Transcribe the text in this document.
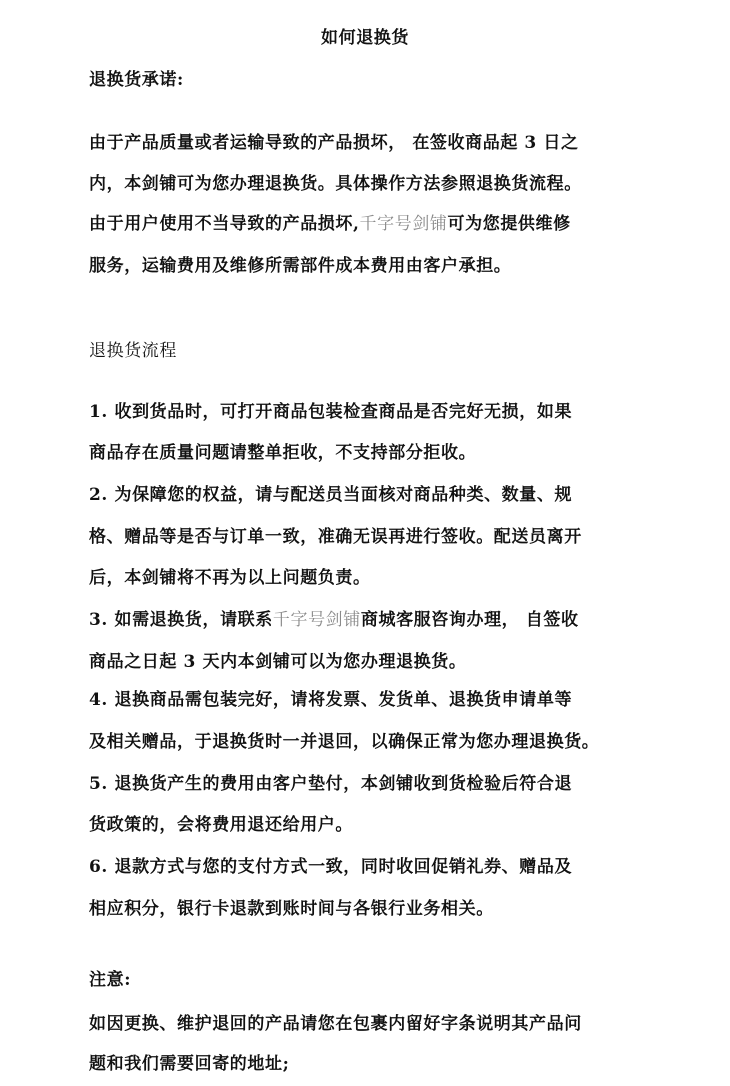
如何退换货
退换货承诺:
由于产品质量或者运输导致的产品损坏， 在签收商品起 3 日之
内，本剑铺可为您办理退换货。具体操作方法参照退换货流程。
由于用户使用不当导致的产品损坏,千字号剑铺可为您提供维修
服务，运输费用及维修所需部件成本费用由客户承担。
退换货流程
1. 收到货品时，可打开商品包装检查商品是否完好无损，如果
商品存在质量问题请整单拒收，不支持部分拒收。
2. 为保障您的权益，请与配送员当面核对商品种类、数量、规
格、赠品等是否与订单一致，准确无误再进行签收。配送员离开
后，本剑铺将不再为以上问题负责。
3. 如需退换货，请联系千字号剑铺商城客服咨询办理， 自签收
商品之日起 3 天内本剑铺可以为您办理退换货。
4. 退换商品需包装完好，请将发票、发货单、退换货申请单等
及相关赠品，于退换货时一并退回，以确保正常为您办理退换货。
5. 退换货产生的费用由客户垫付，本剑铺收到货检验后符合退
货政策的，会将费用退还给用户。
6. 退款方式与您的支付方式一致，同时收回促销礼券、赠品及
相应积分，银行卡退款到账时间与各银行业务相关。
注意:
如因更换、维护退回的产品请您在包裹内留好字条说明其产品问
题和我们需要回寄的地址;
